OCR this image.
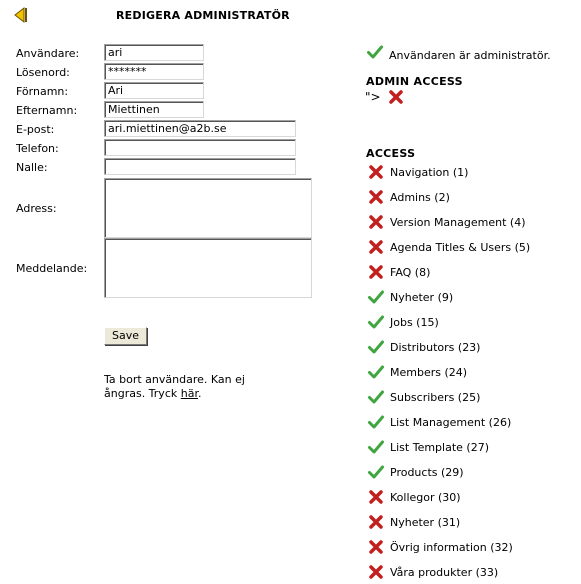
REDIGERA ADMINISTRATÖR
Användare:
Lösenord:
Förnamn:
Efternamn:
E-post:
Telefon:
Nalle:
Adress:
Meddelande:
ari
*******
Ari
Miettinen
ari.miettinen@a2b.se
Save
Ta bort användare. Kan ej ångras. Tryck här.
Användaren är administratör.
ADMIN ACCESS
">
ACCESS
Navigation (1)
Admins (2)
Version Management (4)
Agenda Titles & Users (5)
FAQ (8)
Nyheter (9)
Jobs (15)
Distributors (23)
Members (24)
Subscribers (25)
List Management (26)
List Template (27)
Products (29)
Kollegor (30)
Nyheter (31)
Övrig information (32)
Våra produkter (33)
